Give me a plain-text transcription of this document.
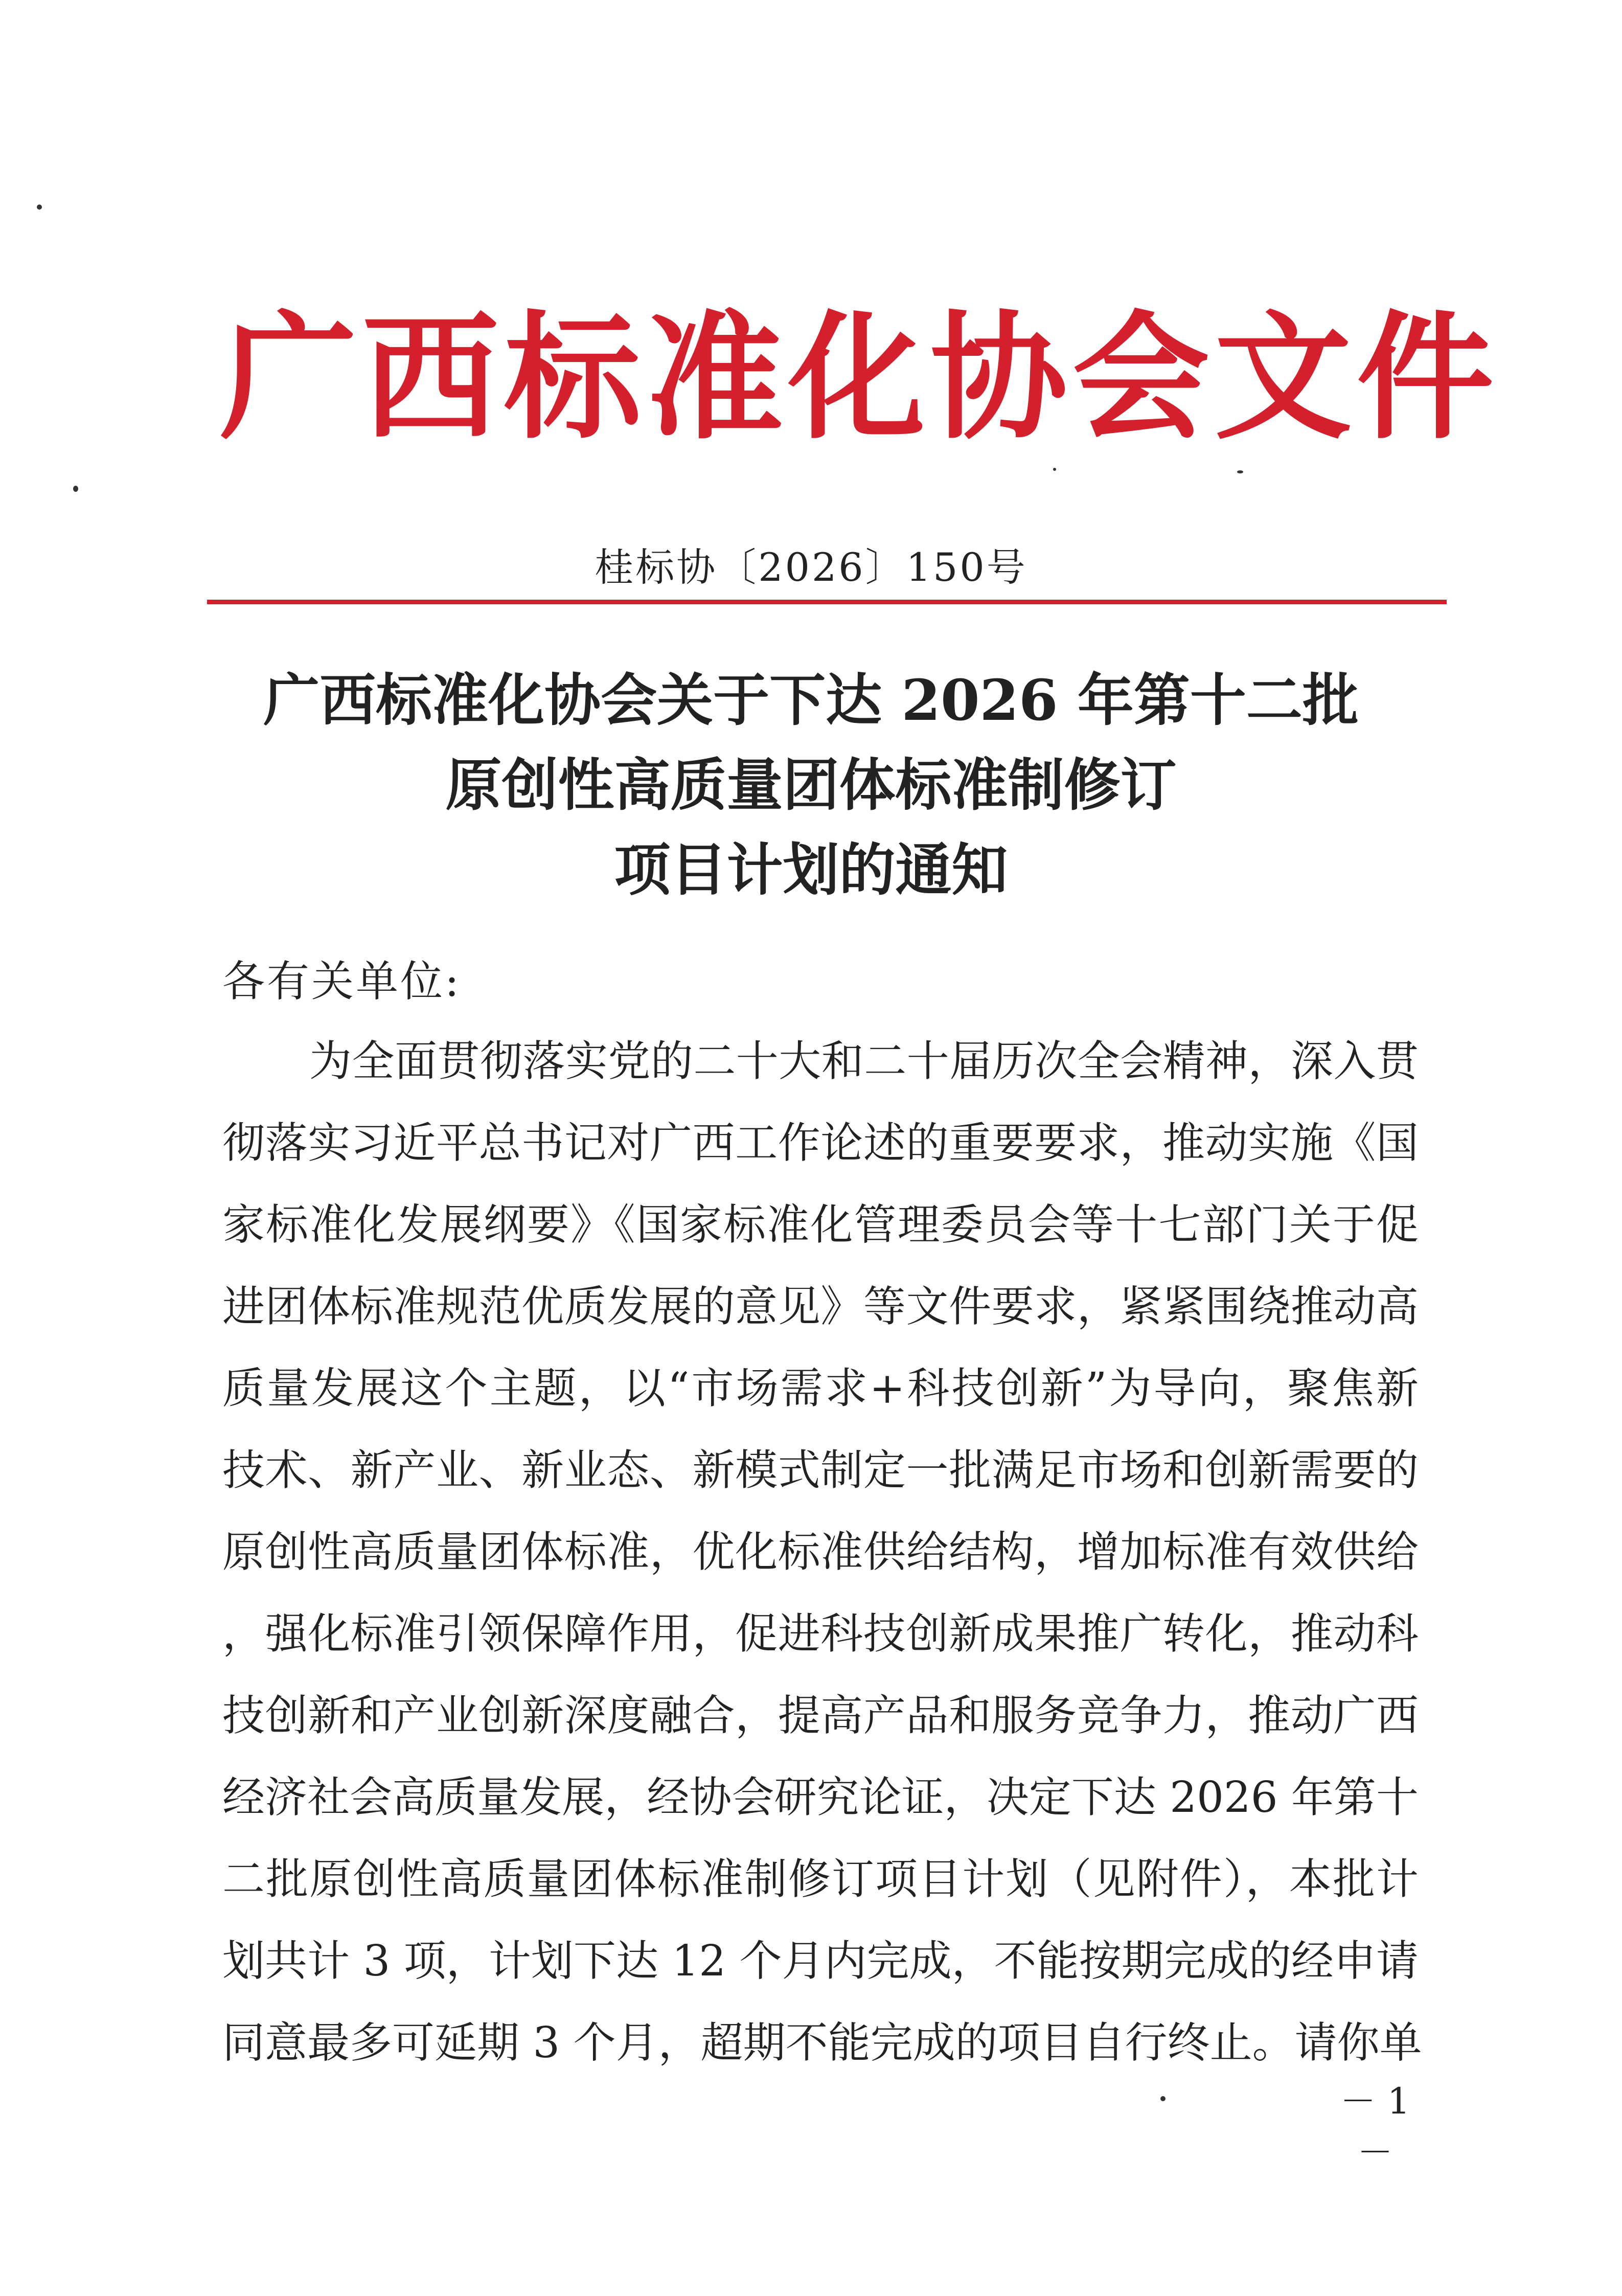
广西标准化协会文件
桂标协〔2026〕150号
广西标准化协会关于下达 2026 年第十二批
原创性高质量团体标准制修订
项目计划的通知
各有关单位:
为全面贯彻落实党的二十大和二十届历次全会精神，深入贯
彻落实习近平总书记对广西工作论述的重要要求，推动实施《国
家标准化发展纲要》《国家标准化管理委员会等十七部门关于促
进团体标准规范优质发展的意见》等文件要求，紧紧围绕推动高
质量发展这个主题，以“市场需求+科技创新”为导向，聚焦新
技术、新产业、新业态、新模式制定一批满足市场和创新需要的
原创性高质量团体标准，优化标准供给结构，增加标准有效供给
，强化标准引领保障作用，促进科技创新成果推广转化，推动科
技创新和产业创新深度融合，提高产品和服务竞争力，推动广西
经济社会高质量发展，经协会研究论证，决定下达 2026 年第十
二批原创性高质量团体标准制修订项目计划（见附件），本批计
划共计 3 项，计划下达 12 个月内完成，不能按期完成的经申请
同意最多可延期 3 个月，超期不能完成的项目自行终止。请你单
－ 1 －
